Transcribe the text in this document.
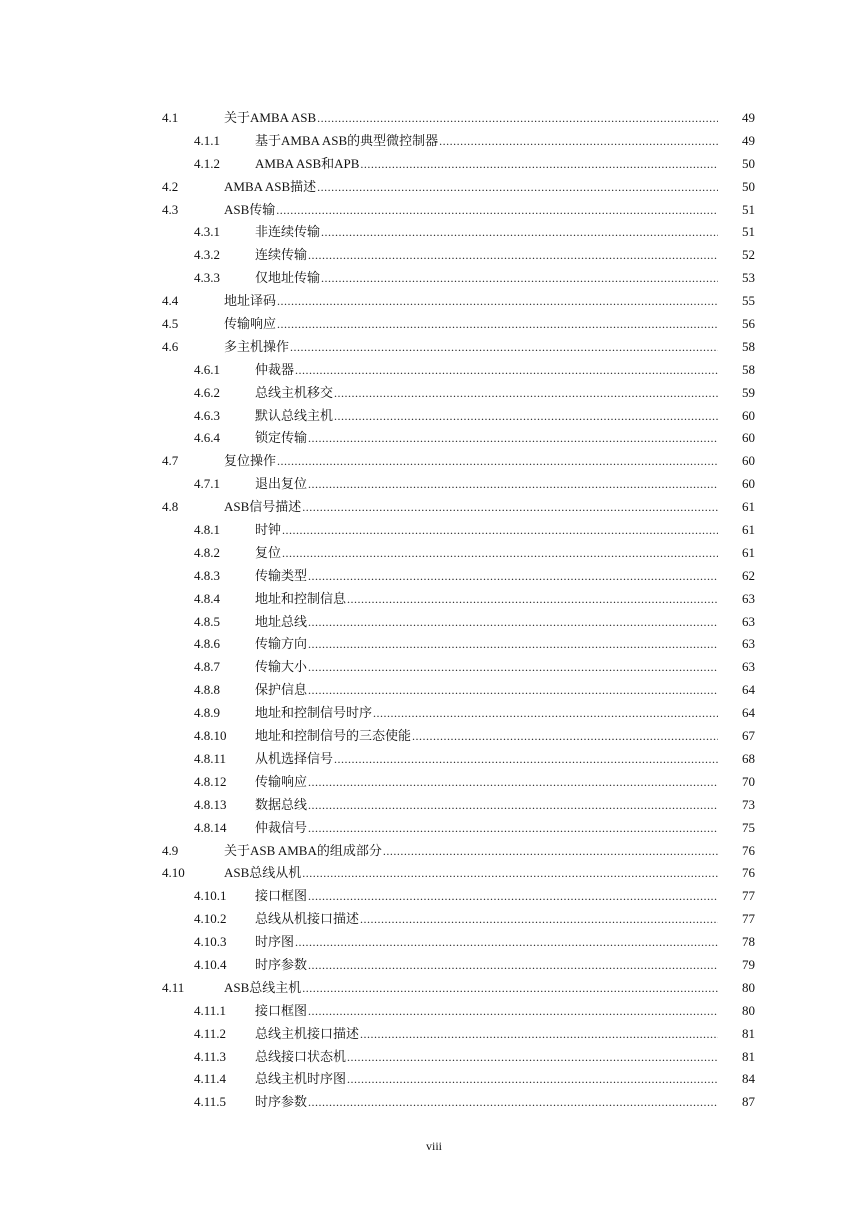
4.1	关于AMBA ASB .....	49
4.1.1	基于AMBA ASB的典型微控制器 .....	49
4.1.2	AMBA ASB和APB .....	50
4.2	AMBA ASB描述 .....	50
4.3	ASB传输 .....	51
4.3.1	非连续传输 .....	51
4.3.2	连续传输 .....	52
4.3.3	仅地址传输 .....	53
4.4	地址译码 .....	55
4.5	传输响应 .....	56
4.6	多主机操作 .....	58
4.6.1	仲裁器 .....	58
4.6.2	总线主机移交 .....	59
4.6.3	默认总线主机 .....	60
4.6.4	锁定传输 .....	60
4.7	复位操作 .....	60
4.7.1	退出复位 .....	60
4.8	ASB信号描述 .....	61
4.8.1	时钟 .....	61
4.8.2	复位 .....	61
4.8.3	传输类型 .....	62
4.8.4	地址和控制信息 .....	63
4.8.5	地址总线 .....	63
4.8.6	传输方向 .....	63
4.8.7	传输大小 .....	63
4.8.8	保护信息 .....	64
4.8.9	地址和控制信号时序 .....	64
4.8.10 地址和控制信号的三态使能 .....	67
4.8.11 从机选择信号 .....	68
4.8.12 传输响应 .....	70
4.8.13 数据总线 .....	73
4.8.14 仲裁信号 .....	75
4.9	关于ASB AMBA的组成部分 .....	76
4.10	ASB总线从机 .....	76
4.10.1 接口框图 .....	77
4.10.2 总线从机接口描述 .....	77
4.10.3 时序图 .....	78
4.10.4 时序参数 .....	79
4.11	ASB总线主机 .....	80
4.11.1 接口框图 .....	80
4.11.2 总线主机接口描述 .....	81
4.11.3 总线接口状态机 .....	81
4.11.4 总线主机时序图 .....	84
4.11.5 时序参数 .....	87
viii
